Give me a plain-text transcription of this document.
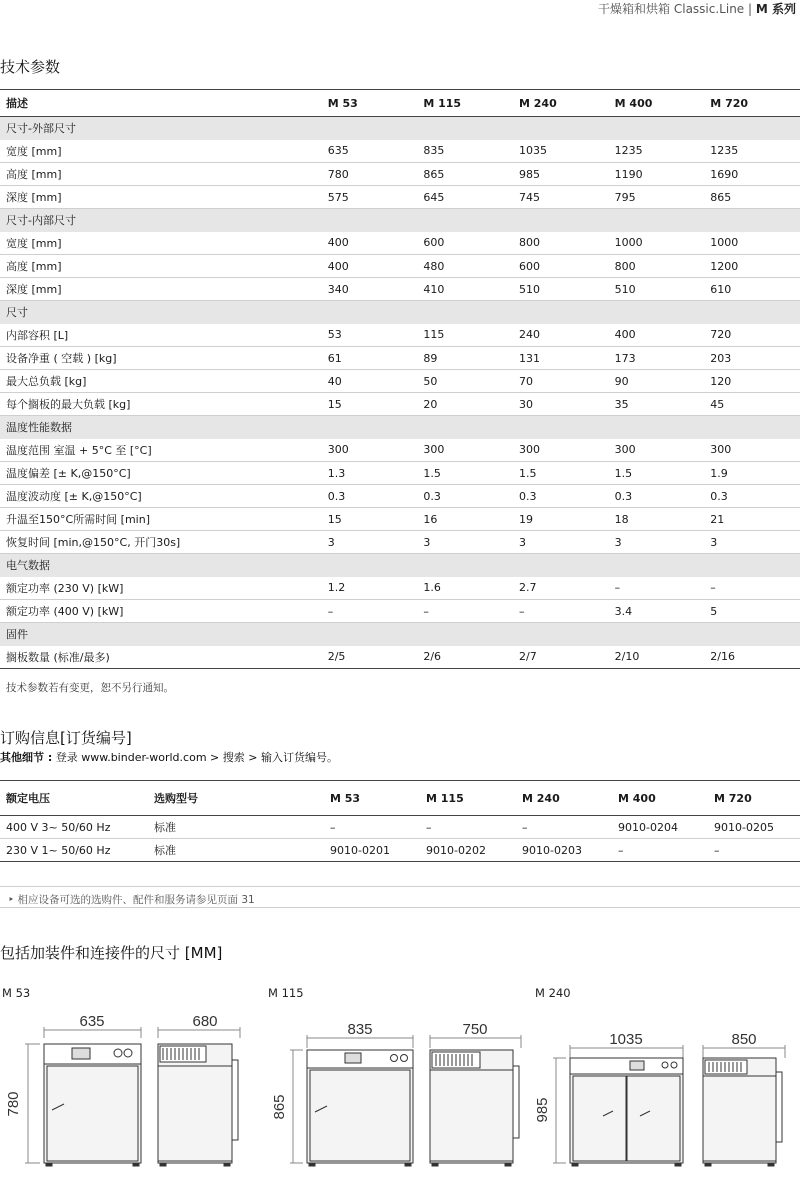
干燥箱和烘箱 Classic.Line | M 系列
技术参数
描述	M 53	M 115	M 240	M 400	M 720
尺寸-外部尺寸					
宽度 [mm]	635	835	1035	1235	1235
高度 [mm]	780	865	985	1190	1690
深度 [mm]	575	645	745	795	865
尺寸-内部尺寸					
宽度 [mm]	400	600	800	1000	1000
高度 [mm]	400	480	600	800	1200
深度 [mm]	340	410	510	510	610
尺寸					
内部容积 [L]	53	115	240	400	720
设备净重 ( 空载 ) [kg]	61	89	131	173	203
最大总负载 [kg]	40	50	70	90	120
每个搁板的最大负载 [kg]	15	20	30	35	45
温度性能数据					
温度范围 室温 + 5°C 至 [°C]	300	300	300	300	300
温度偏差 [± K,@150°C]	1.3	1.5	1.5	1.5	1.9
温度波动度 [± K,@150°C]	0.3	0.3	0.3	0.3	0.3
升温至150°C所需时间 [min]	15	16	19	18	21
恢复时间 [min,@150°C, 开门30s]	3	3	3	3	3
电气数据					
额定功率 (230 V) [kW]	1.2	1.6	2.7	–	–
额定功率 (400 V) [kW]	–	–	–	3.4	5
固件					
搁板数量 (标准/最多)	2/5	2/6	2/7	2/10	2/16
技术参数若有变更，恕不另行通知。
订购信息[订货编号]
其他细节 : 登录 www.binder-world.com > 搜索 > 输入订货编号。
额定电压	选购型号	M 53	M 115	M 240	M 400	M 720
400 V 3~ 50/60 Hz	标准	–	–	–	9010-0204	9010-0205
230 V 1~ 50/60 Hz	标准	9010-0201	9010-0202	9010-0203	–	–
‣ 相应设备可选的选购件、配件和服务请参见页面 31
包括加装件和连接件的尺寸 [MM]
M 53	M 115	M 240
635	680
780
835	750
865
1035	850
985
